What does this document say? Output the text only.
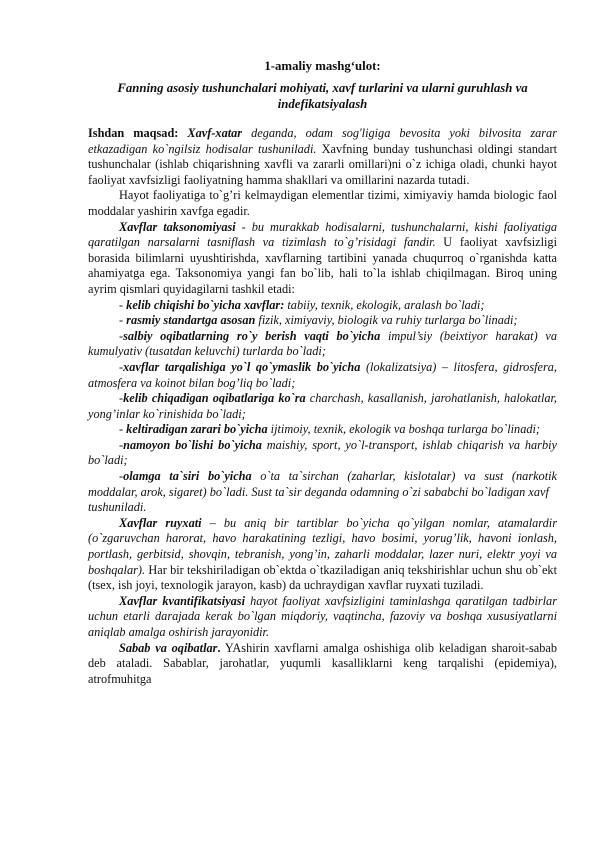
1-amaliy mashg‘ulot:
Fanning asosiy tushunchalari mohiyati, xavf turlarini va ularni guruhlash va indefikatsiyalash

Ishdan maqsad: Xavf-xatar deganda, odam sog'ligiga bevosita yoki bilvosita zarar etkazadigan ko`ngilsiz hodisalar tushuniladi. Xavfning bunday tushunchasi oldingi standart tushunchalar (ishlab chiqarishning xavfli va zararli omillari)ni o`z ichiga oladi, chunki hayot faoliyat xavfsizligi faoliyatning hamma shakllari va omillarini nazarda tutadi.

Hayot faoliyatiga to`g’ri kelmaydigan elementlar tizimi, ximiyaviy hamda biologic faol moddalar yashirin xavfga egadir.

Xavflar taksonomiyasi - bu murakkab hodisalarni, tushunchalarni, kishi faoliyatiga qaratilgan narsalarni tasniflash va tizimlash to`g’risidagi fandir. U faoliyat xavfsizligi borasida bilimlarni uyushtirishda, xavflarning tartibini yanada chuqurroq o`rganishda katta ahamiyatga ega. Taksonomiya yangi fan bo`lib, hali to`la ishlab chiqilmagan. Biroq uning ayrim qismlari quyidagilarni tashkil etadi:

- kelib chiqishi bo`yicha xavflar: tabiiy, texnik, ekologik, aralash bo`ladi;

- rasmiy standartga asosan fizik, ximiyaviy, biologik va ruhiy turlarga bo`linadi;

-salbiy oqibatlarning ro`y berish vaqti bo`yicha impul’siy (beixtiyor harakat) va kumulyativ (tusatdan keluvchi) turlarda bo`ladi;

-xavflar tarqalishiga yo`l qo`ymaslik bo`yicha (lokalizatsiya) – litosfera, gidrosfera, atmosfera va koinot bilan bog’liq bo`ladi;

-kelib chiqadigan oqibatlariga ko`ra charchash, kasallanish, jarohatlanish, halokatlar, yong’inlar ko`rinishida bo`ladi;

- keltiradigan zarari bo`yicha ijtimoiy, texnik, ekologik va boshqa turlarga bo`linadi;

-namoyon bo`lishi bo`yicha maishiy, sport, yo`l-transport, ishlab chiqarish va harbiy bo`ladi;

-olamga ta`siri bo`yicha o`ta ta`sirchan (zaharlar, kislotalar) va sust (narkotik moddalar, arok, sigaret) bo`ladi. Sust ta`sir deganda odamning o`zi sababchi bo`ladigan xavf

tushuniladi.

Xavflar ruyxati – bu aniq bir tartiblar bo`yicha qo`yilgan nomlar, atamalardir (o`zgaruvchan harorat, havo harakatining tezligi, havo bosimi, yorug’lik, havoni ionlash, portlash, gerbitsid, shovqin, tebranish, yong’in, zaharli moddalar, lazer nuri, elektr yoyi va boshqalar). Har bir tekshiriladigan ob`ektda o`tkaziladigan aniq tekshirishlar uchun shu ob`ekt (tsex, ish joyi, texnologik jarayon, kasb) da uchraydigan xavflar ruyxati tuziladi.

Xavflar kvantifikatsiyasi hayot faoliyat xavfsizligini taminlashga qaratilgan tadbirlar uchun etarli darajada kerak bo`lgan miqdoriy, vaqtincha, fazoviy va boshqa xususiyatlarni aniqlab amalga oshirish jarayonidir.

Sabab va oqibatlar. YAshirin xavflarni amalga oshishiga olib keladigan sharoit-sabab deb ataladi. Sabablar, jarohatlar, yuqumli kasalliklarni keng tarqalishi (epidemiya), atrofmuhitga
